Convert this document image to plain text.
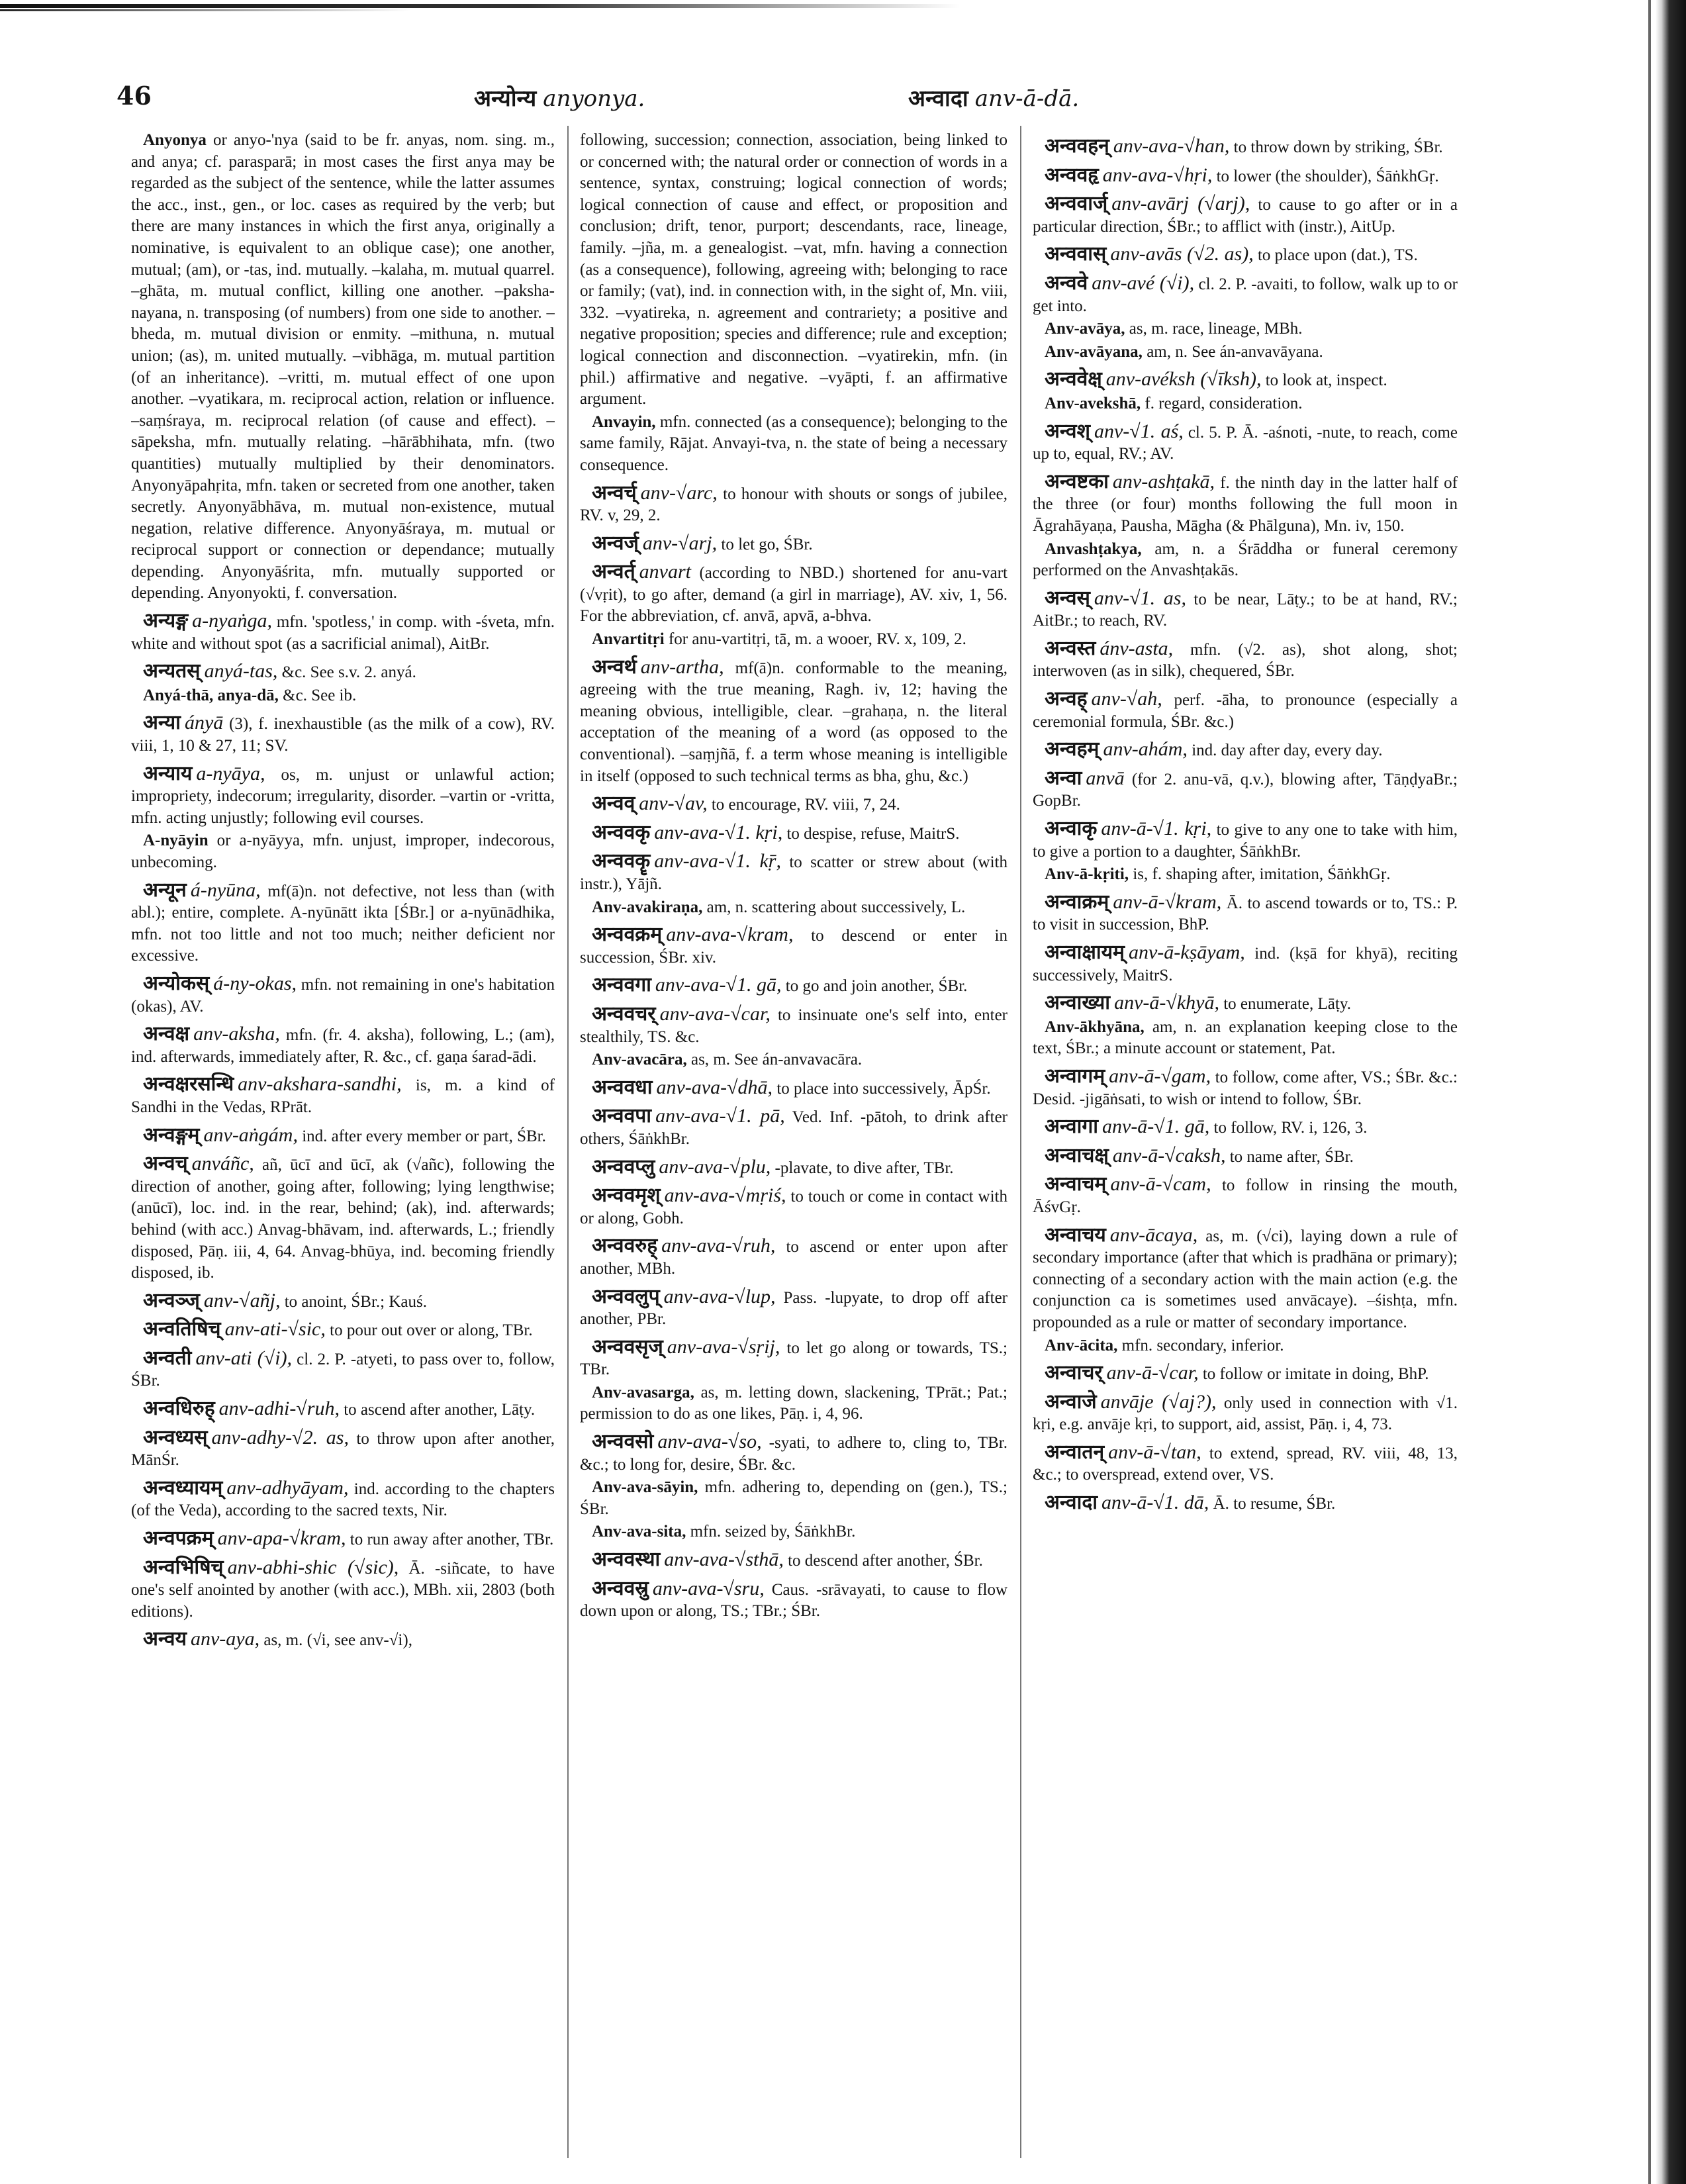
46	अन्योन्य anyonya.	अन्वादा anv-ā-dā.

Anyonya or anyo-'nya (said to be fr. anyas, nom. sing. m., and anya; cf. parasparā; in most cases the first anya may be regarded as the subject of the sentence, while the latter assumes the acc., inst., gen., or loc. cases as required by the verb; but there are many instances in which the first anya, originally a nominative, is equivalent to an oblique case); one another, mutual; (am), or -tas, ind. mutually. –kalaha, m. mutual quarrel. –ghāta, m. mutual conflict, killing one another. –paksha-nayana, n. transposing (of numbers) from one side to another. –bheda, m. mutual division or enmity. –mithuna, n. mutual union; (as), m. united mutually. –vibhāga, m. mutual partition (of an inheritance). –vritti, m. mutual effect of one upon another. –vyatikara, m. reciprocal action, relation or influence. –saṃśraya, m. reciprocal relation (of cause and effect). –sāpeksha, mfn. mutually relating. –hārābhihata, mfn. (two quantities) mutually multiplied by their denominators. Anyonyāpahṛita, mfn. taken or secreted from one another, taken secretly. Anyonyābhāva, m. mutual non-existence, mutual negation, relative difference. Anyonyāśraya, m. mutual or reciprocal support or connection or dependance; mutually depending. Anyonyāśrita, mfn. mutually supported or depending. Anyonyokti, f. conversation.

अन्यङ्ग a-nyaṅga, mfn. 'spotless,' in comp. with -śveta, mfn. white and without spot (as a sacrificial animal), AitBr.

अन्यतस् anyá-tas, &c. See s.v. 2. anyá.

Anyá-thā, anya-dā, &c. See ib.

अन्या ányā (3), f. inexhaustible (as the milk of a cow), RV. viii, 1, 10 & 27, 11; SV.

अन्याय a-nyāya, os, m. unjust or unlawful action; impropriety, indecorum; irregularity, disorder. –vartin or -vritta, mfn. acting unjustly; following evil courses.

A-nyāyin or a-nyāyya, mfn. unjust, improper, indecorous, unbecoming.

अन्यून á-nyūna, mf(ā)n. not defective, not less than (with abl.); entire, complete. A-nyūnātt ikta [ŚBr.] or a-nyūnādhika, mfn. not too little and not too much; neither deficient nor excessive.

अन्योकस् á-ny-okas, mfn. not remaining in one's habitation (okas), AV.

अन्वक्ष anv-aksha, mfn. (fr. 4. aksha), following, L.; (am), ind. afterwards, immediately after, R. &c., cf. gaṇa śarad-ādi.

अन्वक्षरसन्धि anv-akshara-sandhi, is, m. a kind of Sandhi in the Vedas, RPrāt.

अन्वङ्गम् anv-aṅgám, ind. after every member or part, ŚBr.

अन्वच् anváñc, añ, ūcī and ūcī, ak (√añc), following the direction of another, going after, following; lying lengthwise; (anūcī), loc. ind. in the rear, behind; (ak), ind. afterwards; behind (with acc.) Anvag-bhāvam, ind. afterwards, L.; friendly disposed, Pāṇ. iii, 4, 64. Anvag-bhūya, ind. becoming friendly disposed, ib.

अन्वञ्ज् anv-√añj, to anoint, ŚBr.; Kauś.

अन्वतिषिच् anv-ati-√sic, to pour out over or along, TBr.

अन्वती anv-ati (√i), cl. 2. P. -atyeti, to pass over to, follow, ŚBr.

अन्वधिरुह् anv-adhi-√ruh, to ascend after another, Lāṭy.

अन्वध्यस् anv-adhy-√2. as, to throw upon after another, MānŚr.

अन्वध्यायम् anv-adhyāyam, ind. according to the chapters (of the Veda), according to the sacred texts, Nir.

अन्वपक्रम् anv-apa-√kram, to run away after another, TBr.

अन्वभिषिच् anv-abhi-shic (√sic), Ā. -siñcate, to have one's self anointed by another (with acc.), MBh. xii, 2803 (both editions).

अन्वय anv-aya, as, m. (√i, see anv-√i),

following, succession; connection, association, being linked to or concerned with; the natural order or connection of words in a sentence, syntax, construing; logical connection of words; logical connection of cause and effect, or proposition and conclusion; drift, tenor, purport; descendants, race, lineage, family. –jña, m. a genealogist. –vat, mfn. having a connection (as a consequence), following, agreeing with; belonging to race or family; (vat), ind. in connection with, in the sight of, Mn. viii, 332. –vyatireka, n. agreement and contrariety; a positive and negative proposition; species and difference; rule and exception; logical connection and disconnection. –vyatirekin, mfn. (in phil.) affirmative and negative. –vyāpti, f. an affirmative argument.

Anvayin, mfn. connected (as a consequence); belonging to the same family, Rājat. Anvayi-tva, n. the state of being a necessary consequence.

अन्वर्च् anv-√arc, to honour with shouts or songs of jubilee, RV. v, 29, 2.

अन्वर्ज् anv-√arj, to let go, ŚBr.

अन्वर्त् anvart (according to NBD.) shortened for anu-vart (√vṛit), to go after, demand (a girl in marriage), AV. xiv, 1, 56. For the abbreviation, cf. anvā, apvā, a-bhva.

Anvartitṛi for anu-vartitṛi, tā, m. a wooer, RV. x, 109, 2.

अन्वर्थ anv-artha, mf(ā)n. conformable to the meaning, agreeing with the true meaning, Ragh. iv, 12; having the meaning obvious, intelligible, clear. –grahaṇa, n. the literal acceptation of the meaning of a word (as opposed to the conventional). –saṃjñā, f. a term whose meaning is intelligible in itself (opposed to such technical terms as bha, ghu, &c.)

अन्वव् anv-√av, to encourage, RV. viii, 7, 24.

अन्ववकृ anv-ava-√1. kṛi, to despise, refuse, MaitrS.

अन्ववकॄ anv-ava-√1. kṝ, to scatter or strew about (with instr.), Yājñ.

Anv-avakiraṇa, am, n. scattering about successively, L.

अन्ववक्रम् anv-ava-√kram, to descend or enter in succession, ŚBr. xiv.

अन्ववगा anv-ava-√1. gā, to go and join another, ŚBr.

अन्ववचर् anv-ava-√car, to insinuate one's self into, enter stealthily, TS. &c.

Anv-avacāra, as, m. See án-anvavacāra.

अन्ववधा anv-ava-√dhā, to place into successively, ĀpŚr.

अन्ववपा anv-ava-√1. pā, Ved. Inf. -pātoh, to drink after others, ŚāṅkhBr.

अन्ववप्लु anv-ava-√plu, -plavate, to dive after, TBr.

अन्ववमृश् anv-ava-√mṛiś, to touch or come in contact with or along, Gobh.

अन्ववरुह् anv-ava-√ruh, to ascend or enter upon after another, MBh.

अन्ववलुप् anv-ava-√lup, Pass. -lupyate, to drop off after another, PBr.

अन्ववसृज् anv-ava-√sṛij, to let go along or towards, TS.; TBr.

Anv-avasarga, as, m. letting down, slackening, TPrāt.; Pat.; permission to do as one likes, Pāṇ. i, 4, 96.

अन्ववसो anv-ava-√so, -syati, to adhere to, cling to, TBr. &c.; to long for, desire, ŚBr. &c.

Anv-ava-sāyin, mfn. adhering to, depending on (gen.), TS.; ŚBr.

Anv-ava-sita, mfn. seized by, ŚāṅkhBr.

अन्ववस्था anv-ava-√sthā, to descend after another, ŚBr.

अन्ववस्रु anv-ava-√sru, Caus. -srāvayati, to cause to flow down upon or along, TS.; TBr.; ŚBr.

अन्ववहन् anv-ava-√han, to throw down by striking, ŚBr.

अन्ववहृ anv-ava-√hṛi, to lower (the shoulder), ŚāṅkhGṛ.

अन्ववार्ज् anv-avārj (√arj), to cause to go after or in a particular direction, ŚBr.; to afflict with (instr.), AitUp.

अन्ववास् anv-avās (√2. as), to place upon (dat.), TS.

अन्ववे anv-avé (√i), cl. 2. P. -avaiti, to follow, walk up to or get into.

Anv-avāya, as, m. race, lineage, MBh.

Anv-avāyana, am, n. See án-anvavāyana.

अन्ववेक्ष् anv-avéksh (√īksh), to look at, inspect.

Anv-avekshā, f. regard, consideration.

अन्वश् anv-√1. aś, cl. 5. P. Ā. -aśnoti, -nute, to reach, come up to, equal, RV.; AV.

अन्वष्टका anv-ashṭakā, f. the ninth day in the latter half of the three (or four) months following the full moon in Āgrahāyaṇa, Pausha, Māgha (& Phālguna), Mn. iv, 150.

Anvashṭakya, am, n. a Śrāddha or funeral ceremony performed on the Anvashṭakās.

अन्वस् anv-√1. as, to be near, Lāṭy.; to be at hand, RV.; AitBr.; to reach, RV.

अन्वस्त ánv-asta, mfn. (√2. as), shot along, shot; interwoven (as in silk), chequered, ŚBr.

अन्वह् anv-√ah, perf. -āha, to pronounce (especially a ceremonial formula, ŚBr. &c.)

अन्वहम् anv-ahám, ind. day after day, every day.

अन्वा anvā (for 2. anu-vā, q.v.), blowing after, TāṇḍyaBr.; GopBr.

अन्वाकृ anv-ā-√1. kṛi, to give to any one to take with him, to give a portion to a daughter, ŚāṅkhBr.

Anv-ā-kṛiti, is, f. shaping after, imitation, ŚāṅkhGṛ.

अन्वाक्रम् anv-ā-√kram, Ā. to ascend towards or to, TS.: P. to visit in succession, BhP.

अन्वाक्षायम् anv-ā-kṣāyam, ind. (kṣā for khyā), reciting successively, MaitrS.

अन्वाख्या anv-ā-√khyā, to enumerate, Lāṭy.

Anv-ākhyāna, am, n. an explanation keeping close to the text, ŚBr.; a minute account or statement, Pat.

अन्वागम् anv-ā-√gam, to follow, come after, VS.; ŚBr. &c.: Desid. -jigāṅsati, to wish or intend to follow, ŚBr.

अन्वागा anv-ā-√1. gā, to follow, RV. i, 126, 3.

अन्वाचक्ष् anv-ā-√caksh, to name after, ŚBr.

अन्वाचम् anv-ā-√cam, to follow in rinsing the mouth, ĀśvGṛ.

अन्वाचय anv-ācaya, as, m. (√ci), laying down a rule of secondary importance (after that which is pradhāna or primary); connecting of a secondary action with the main action (e.g. the conjunction ca is sometimes used anvācaye). –śishṭa, mfn. propounded as a rule or matter of secondary importance.

Anv-ācita, mfn. secondary, inferior.

अन्वाचर् anv-ā-√car, to follow or imitate in doing, BhP.

अन्वाजे anvāje (√aj?), only used in connection with √1. kṛi, e.g. anvāje kṛi, to support, aid, assist, Pāṇ. i, 4, 73.

अन्वातन् anv-ā-√tan, to extend, spread, RV. viii, 48, 13, &c.; to overspread, extend over, VS.

अन्वादा anv-ā-√1. dā, Ā. to resume, ŚBr.
